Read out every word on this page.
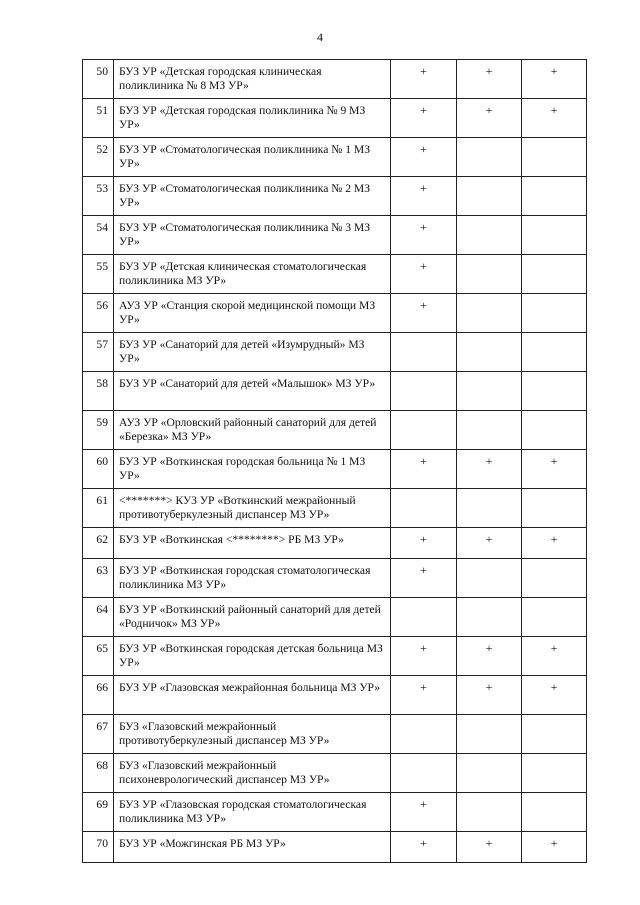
4
50	БУЗ УР «Детская городская клиническая поликлиника № 8 МЗ УР»	+	+	+
51	БУЗ УР «Детская городская поликлиника № 9 МЗ УР»	+	+	+
52	БУЗ УР «Стоматологическая поликлиника № 1 МЗ УР»	+		
53	БУЗ УР «Стоматологическая поликлиника № 2 МЗ УР»	+		
54	БУЗ УР «Стоматологическая поликлиника № 3 МЗ УР»	+		
55	БУЗ УР «Детская клиническая стоматологическая поликлиника МЗ УР»	+		
56	АУЗ УР «Станция скорой медицинской помощи МЗ УР»	+		
57	БУЗ УР «Санаторий для детей «Изумрудный» МЗ УР»			
58	БУЗ УР «Санаторий для детей «Малышок» МЗ УР»			
59	АУЗ УР «Орловский районный санаторий для детей «Березка» МЗ УР»			
60	БУЗ УР «Воткинская городская больница № 1 МЗ УР»	+	+	+
61	<*******> КУЗ УР «Воткинский межрайонный противотуберкулезный диспансер МЗ УР»			
62	БУЗ УР «Воткинская <********> РБ МЗ УР»	+	+	+
63	БУЗ УР «Воткинская городская стоматологическая поликлиника МЗ УР»	+		
64	БУЗ УР «Воткинский районный санаторий для детей «Родничок» МЗ УР»			
65	БУЗ УР «Воткинская городская детская больница МЗ УР»	+	+	+
66	БУЗ УР «Глазовская межрайонная больница МЗ УР»	+	+	+
67	БУЗ «Глазовский межрайонный противотуберкулезный диспансер МЗ УР»			
68	БУЗ «Глазовский межрайонный психоневрологический диспансер МЗ УР»			
69	БУЗ УР «Глазовская городская стоматологическая поликлиника МЗ УР»	+		
70	БУЗ УР «Можгинская РБ МЗ УР»	+	+	+
